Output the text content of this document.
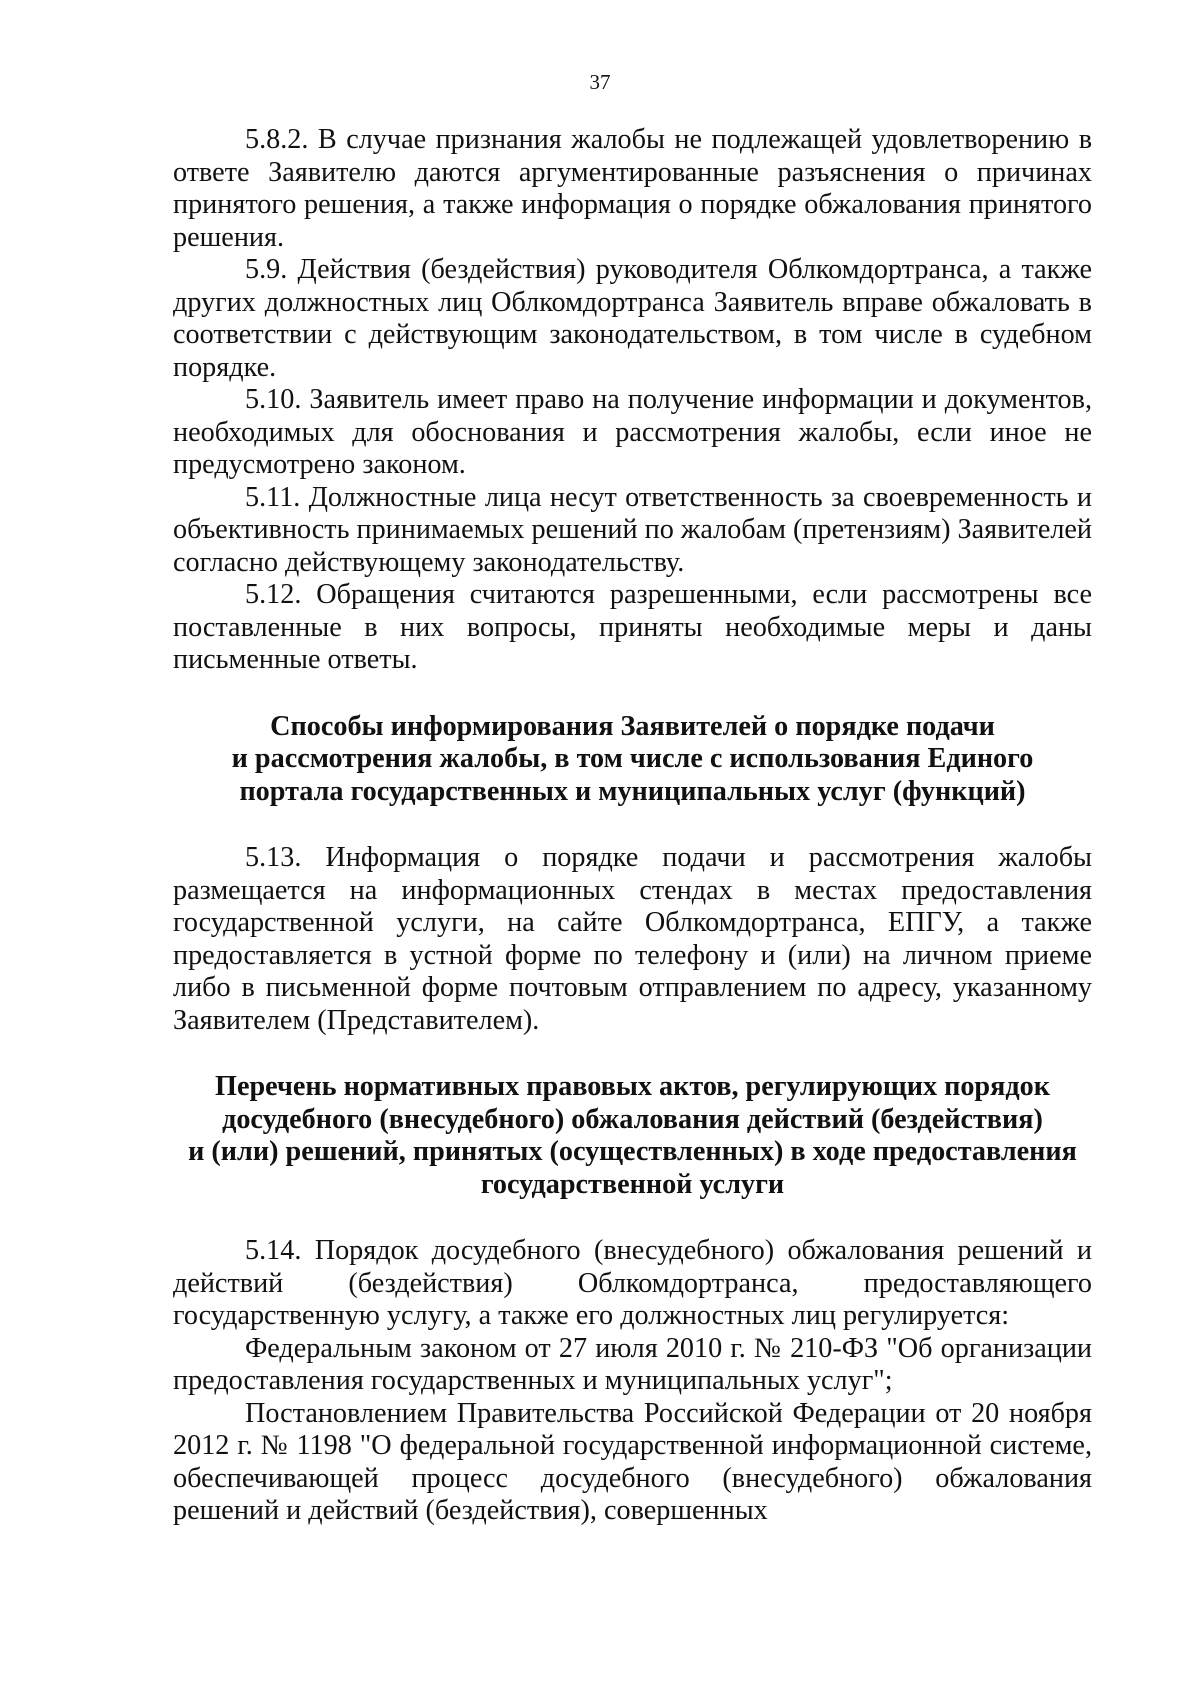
37

5.8.2. В случае признания жалобы не подлежащей удовлетворению в ответе Заявителю даются аргументированные разъяснения о причинах принятого решения, а также информация о порядке обжалования принятого решения.

5.9. Действия (бездействия) руководителя Облкомдортранса, а также других должностных лиц Облкомдортранса Заявитель вправе обжаловать в соответствии с действующим законодательством, в том числе в судебном порядке.

5.10. Заявитель имеет право на получение информации и документов, необходимых для обоснования и рассмотрения жалобы, если иное не предусмотрено законом.

5.11. Должностные лица несут ответственность за своевременность и объективность принимаемых решений по жалобам (претензиям) Заявителей согласно действующему законодательству.

5.12. Обращения считаются разрешенными, если рассмотрены все поставленные в них вопросы, приняты необходимые меры и даны письменные ответы.

Способы информирования Заявителей о порядке подачи

и рассмотрения жалобы, в том числе с использования Единого

портала государственных и муниципальных услуг (функций)

5.13. Информация о порядке подачи и рассмотрения жалобы размещается на информационных стендах в местах предоставления государственной услуги, на сайте Облкомдортранса, ЕПГУ, а также предоставляется в устной форме по телефону и (или) на личном приеме либо в письменной форме почтовым отправлением по адресу, указанному Заявителем (Представителем).

Перечень нормативных правовых актов, регулирующих порядок

досудебного (внесудебного) обжалования действий (бездействия)

и (или) решений, принятых (осуществленных) в ходе предоставления

государственной услуги

5.14. Порядок досудебного (внесудебного) обжалования решений и действий (бездействия) Облкомдортранса, предоставляющего государственную услугу, а также его должностных лиц регулируется:

Федеральным законом от 27 июля 2010 г. № 210-ФЗ "Об организации предоставления государственных и муниципальных услуг";

Постановлением Правительства Российской Федерации от 20 ноября 2012 г. № 1198 "О федеральной государственной информационной системе, обеспечивающей процесс досудебного (внесудебного) обжалования решений и действий (бездействия), совершенных
